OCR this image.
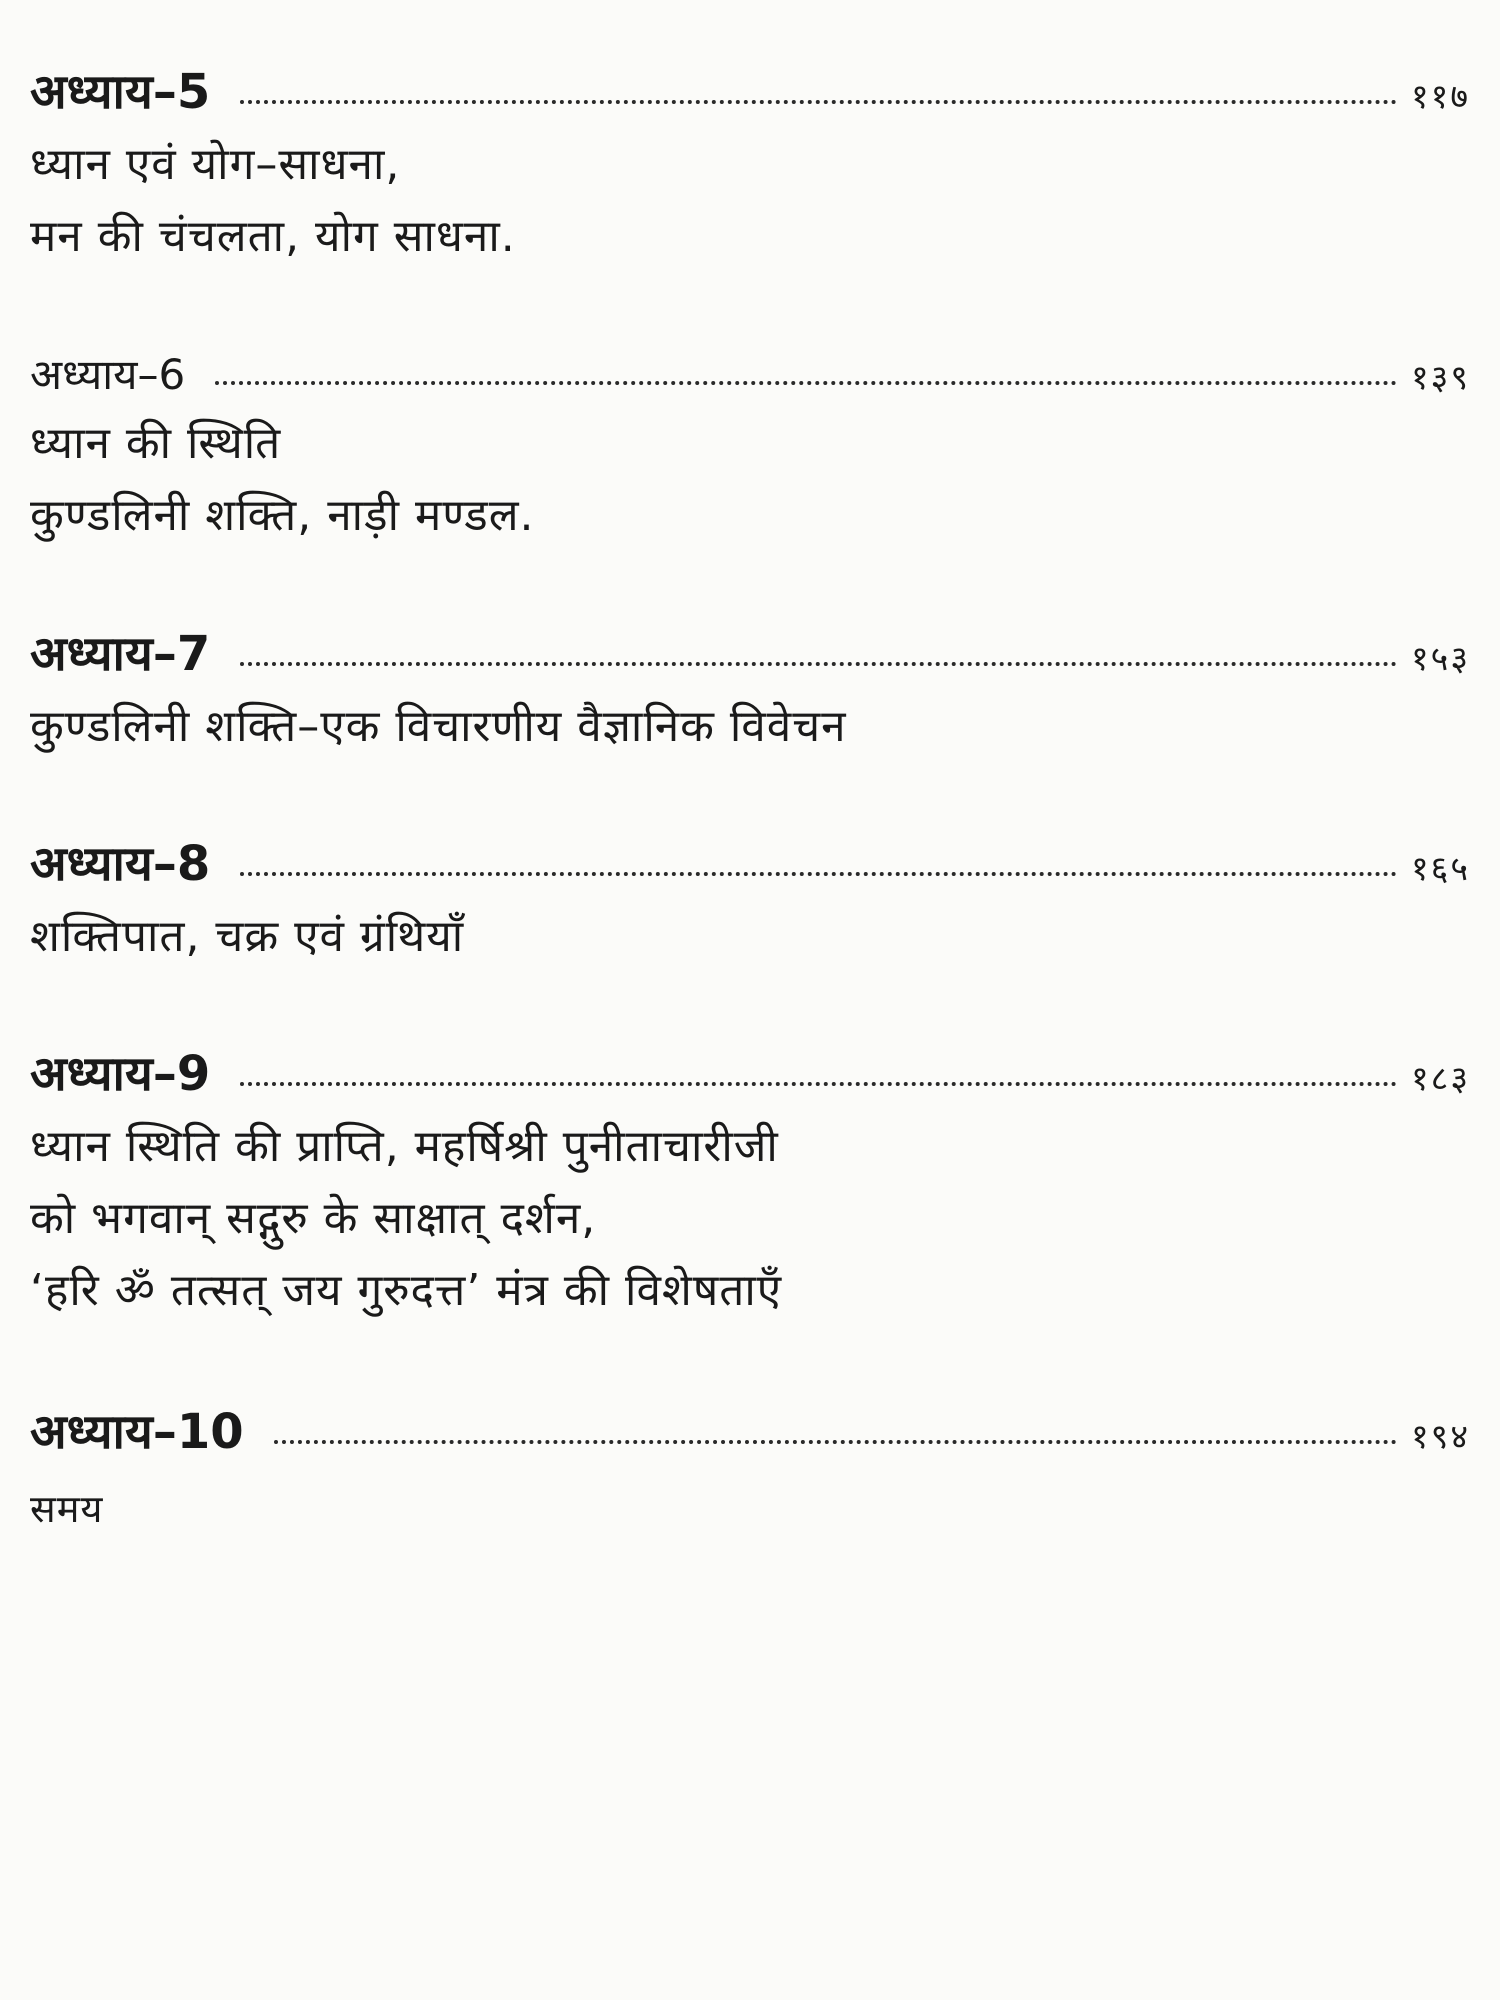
अध्याय–5	११७
ध्यान एवं योग–साधना,
मन की चंचलता, योग साधना.
अध्याय–6	१३९
ध्यान की स्थिति
कुण्डलिनी शक्ति, नाड़ी मण्डल.
अध्याय–7	१५३
कुण्डलिनी शक्ति–एक विचारणीय वैज्ञानिक विवेचन
अध्याय–8	१६५
शक्तिपात, चक्र एवं ग्रंथियाँ
अध्याय–9	१८३
ध्यान स्थिति की प्राप्ति, महर्षिश्री पुनीताचारीजी
को भगवान् सद्गुरु के साक्षात् दर्शन,
‘हरि ॐ तत्सत् जय गुरुदत्त’ मंत्र की विशेषताएँ
अध्याय–10	१९४
समय
